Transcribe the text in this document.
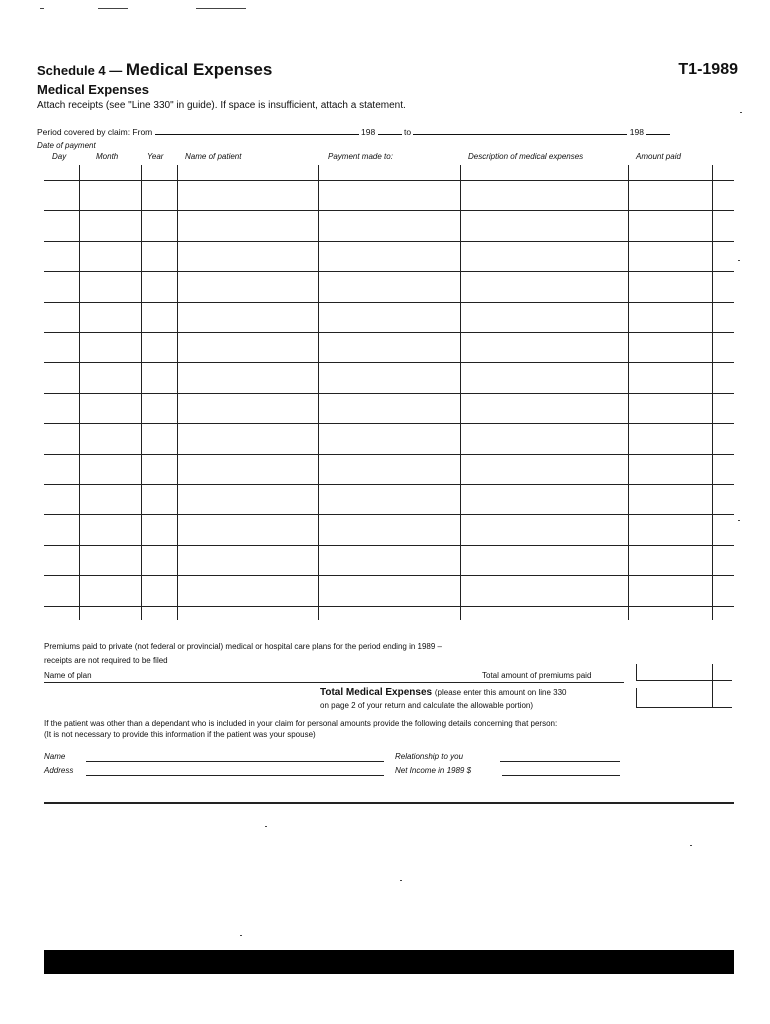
Schedule 4 — Medical Expenses	T1-1989
Medical Expenses
Attach receipts (see "Line 330" in guide). If space is insufficient, attach a statement.
Period covered by claim: From	198	to	198
Date of payment
Day	Month	Year	Name of patient	Payment made to:	Description of medical expenses	Amount paid
Premiums paid to private (not federal or provincial) medical or hospital care plans for the period ending in 1989 –
receipts are not required to be filed
Name of plan	Total amount of premiums paid
Total Medical Expenses (please enter this amount on line 330
on page 2 of your return and calculate the allowable portion)
If the patient was other than a dependant who is included in your claim for personal amounts provide the following details concerning that person:
(It is not necessary to provide this information if the patient was your spouse)
Name	Relationship to you
Address	Net Income in 1989 $
